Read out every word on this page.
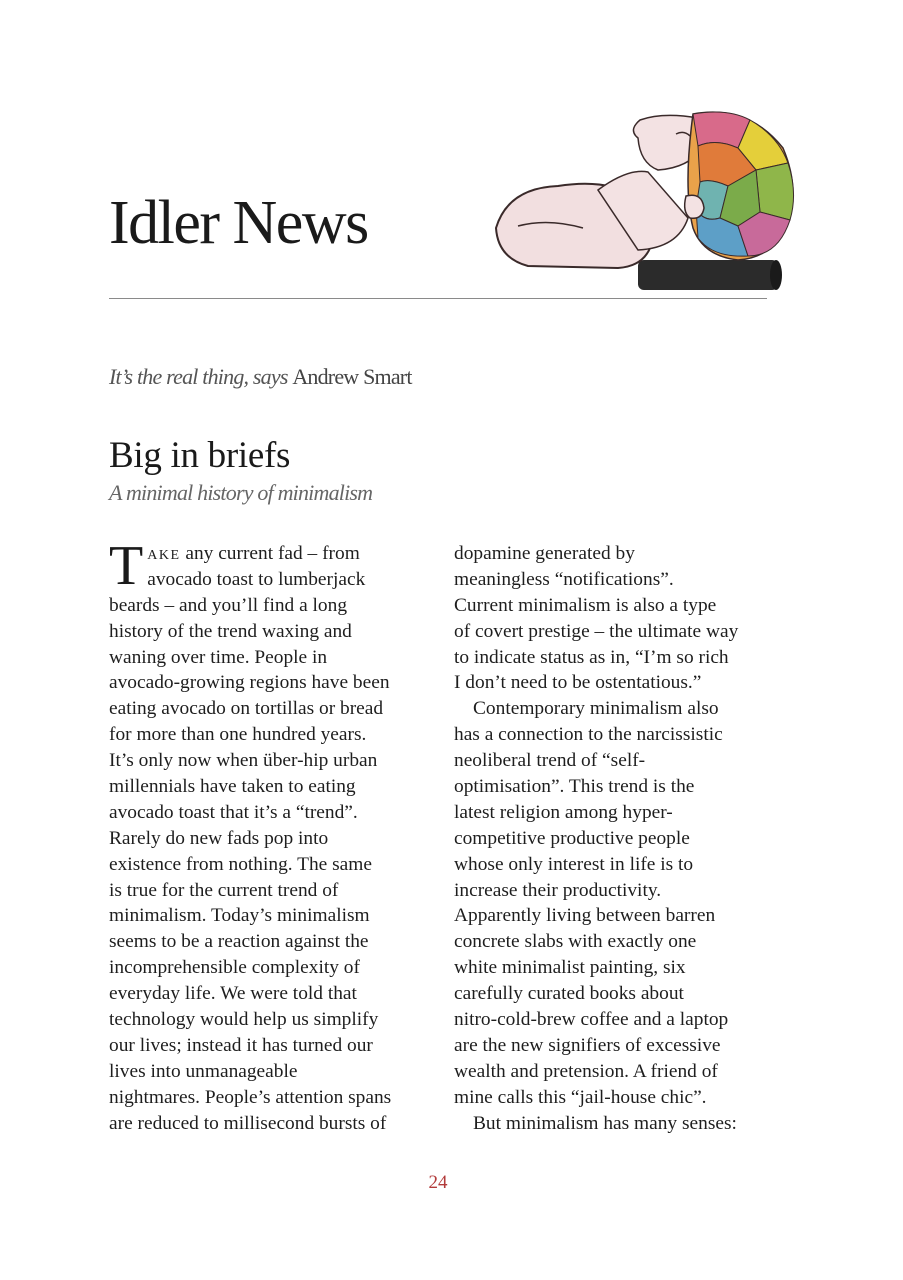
Idler News
It’s the real thing, says Andrew Smart
Big in briefs
A minimal history of minimalism
T AKE any current fad – from
avocado toast to lumberjack
beards – and you’ll find a long
history of the trend waxing and
waning over time. People in
avocado-growing regions have been
eating avocado on tortillas or bread
for more than one hundred years.
It’s only now when über-hip urban
millennials have taken to eating
avocado toast that it’s a “trend”.
Rarely do new fads pop into
existence from nothing. The same
is true for the current trend of
minimalism. Today’s minimalism
seems to be a reaction against the
incomprehensible complexity of
everyday life. We were told that
technology would help us simplify
our lives; instead it has turned our
lives into unmanageable
nightmares. People’s attention spans
are reduced to millisecond bursts of
dopamine generated by
meaningless “notifications”.
Current minimalism is also a type
of covert prestige – the ultimate way
to indicate status as in, “I’m so rich
I don’t need to be ostentatious.”
Contemporary minimalism also
has a connection to the narcissistic
neoliberal trend of “self-
optimisation”. This trend is the
latest religion among hyper-
competitive productive people
whose only interest in life is to
increase their productivity.
Apparently living between barren
concrete slabs with exactly one
white minimalist painting, six
carefully curated books about
nitro-cold-brew coffee and a laptop
are the new signifiers of excessive
wealth and pretension. A friend of
mine calls this “jail-house chic”.
But minimalism has many senses:
24
